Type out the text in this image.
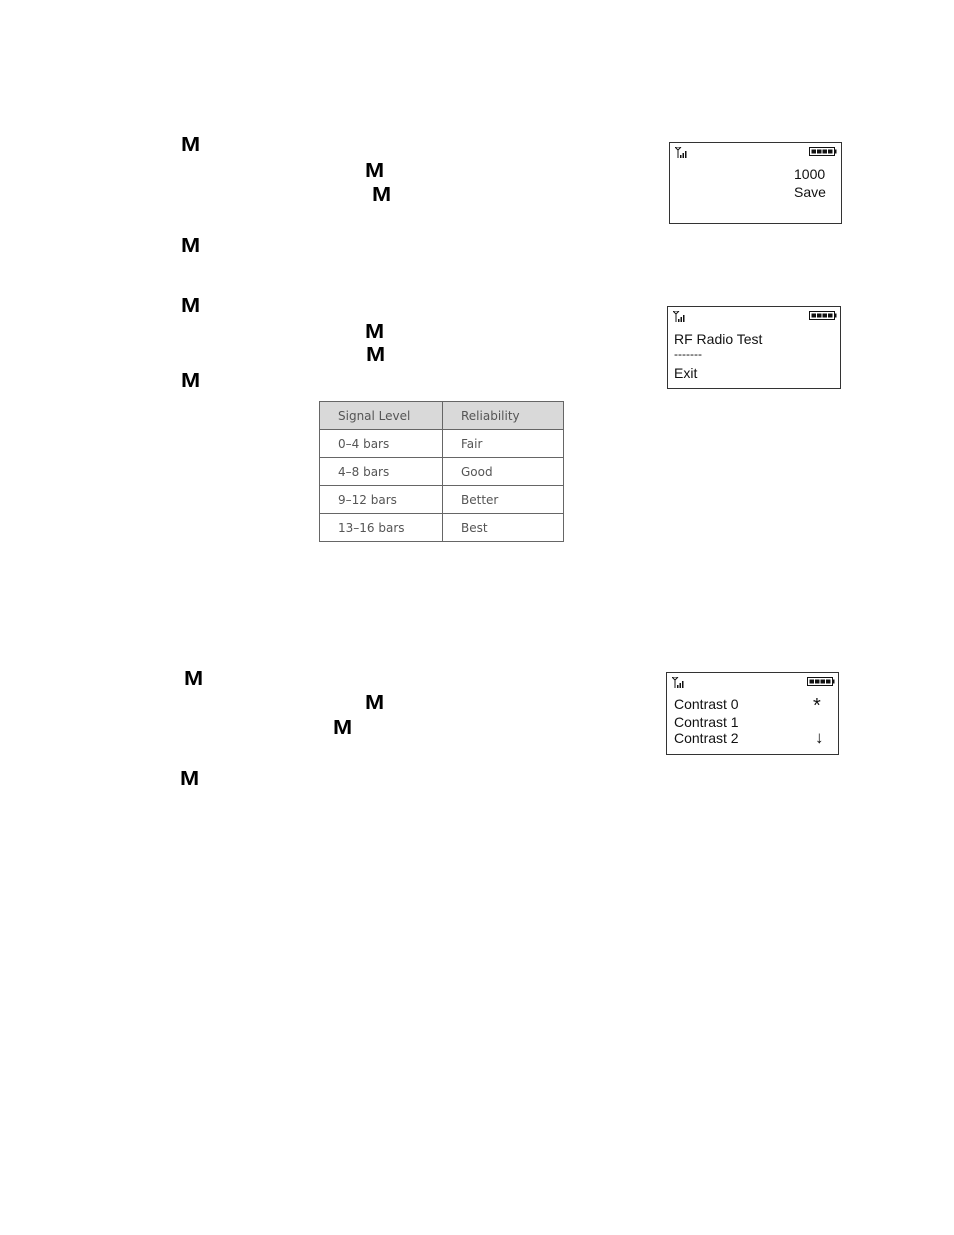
M
M
M
M
M
M
M
M
M
M
M
M
1000
Save
RF Radio Test
-------
Exit
Signal Level	Reliability
0–4 bars	Fair
4–8 bars	Good
9–12 bars	Better
13–16 bars	Best
Contrast 0	*
Contrast 1
Contrast 2	↓
